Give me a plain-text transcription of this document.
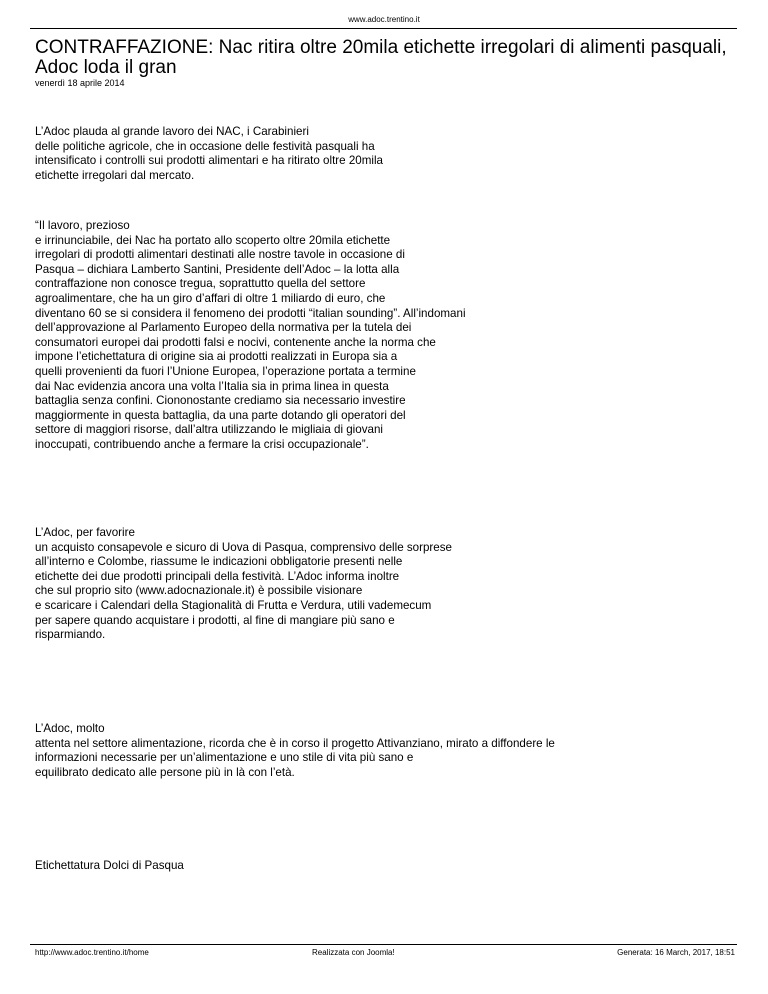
www.adoc.trentino.it
CONTRAFFAZIONE: Nac ritira oltre 20mila etichette irregolari di alimenti pasquali, Adoc loda il gran
venerdì 18 aprile 2014

L’Adoc plauda al grande lavoro dei NAC, i Carabinieri
delle politiche agricole, che in occasione delle festività pasquali ha
intensificato i controlli sui prodotti alimentari e ha ritirato oltre 20mila
etichette irregolari dal mercato.

“Il lavoro, prezioso
e irrinunciabile, dei Nac ha portato allo scoperto oltre 20mila etichette
irregolari di prodotti alimentari destinati alle nostre tavole in occasione di
Pasqua – dichiara Lamberto Santini, Presidente dell’Adoc – la lotta alla
contraffazione non conosce tregua, soprattutto quella del settore
agroalimentare, che ha un giro d’affari di oltre 1 miliardo di euro, che
diventano 60 se si considera il fenomeno dei prodotti “italian sounding”. All’indomani
dell’approvazione al Parlamento Europeo della normativa per la tutela dei
consumatori europei dai prodotti falsi e nocivi, contenente anche la norma che
impone l’etichettatura di origine sia ai prodotti realizzati in Europa sia a
quelli provenienti da fuori l’Unione Europea, l’operazione portata a termine
dai Nac evidenzia ancora una volta l’Italia sia in prima linea in questa
battaglia senza confini. Ciononostante crediamo sia necessario investire
maggiormente in questa battaglia, da una parte dotando gli operatori del
settore di maggiori risorse, dall’altra utilizzando le migliaia di giovani
inoccupati, contribuendo anche a fermare la crisi occupazionale”.

L’Adoc, per favorire
un acquisto consapevole e sicuro di Uova di Pasqua, comprensivo delle sorprese
all’interno e Colombe, riassume le indicazioni obbligatorie presenti nelle
etichette dei due prodotti principali della festività. L’Adoc informa inoltre
che sul proprio sito (www.adocnazionale.it) è possibile visionare
e scaricare i Calendari della Stagionalità di Frutta e Verdura, utili vademecum
per sapere quando acquistare i prodotti, al fine di mangiare più sano e
risparmiando.

L’Adoc, molto
attenta nel settore alimentazione, ricorda che è in corso il progetto Attivanziano, mirato a diffondere le
informazioni necessarie per un’alimentazione e uno stile di vita più sano e
equilibrato dedicato alle persone più in là con l’età.

Etichettatura Dolci di Pasqua

http://www.adoc.trentino.it/home	Realizzata con Joomla!	Generata: 16 March, 2017, 18:51
